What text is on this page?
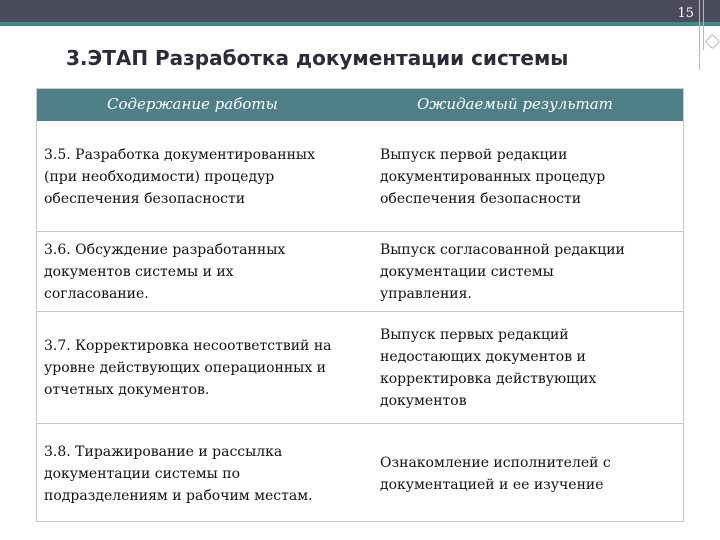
15
3.ЭТАП Разработка документации системы
Содержание работы	Ожидаемый результат
3.5. Разработка документированных
(при необходимости) процедур
обеспечения безопасности
Выпуск первой редакции
документированных процедур
обеспечения безопасности
3.6. Обсуждение разработанных
документов системы и их
согласование.
Выпуск согласованной редакции
документации системы
управления.
3.7. Корректировка несоответствий на
уровне действующих операционных и
отчетных документов.
Выпуск первых редакций
недостающих документов и
корректировка действующих
документов
3.8. Тиражирование и рассылка
документации системы по
подразделениям и рабочим местам.
Ознакомление исполнителей с
документацией и ее изучение
